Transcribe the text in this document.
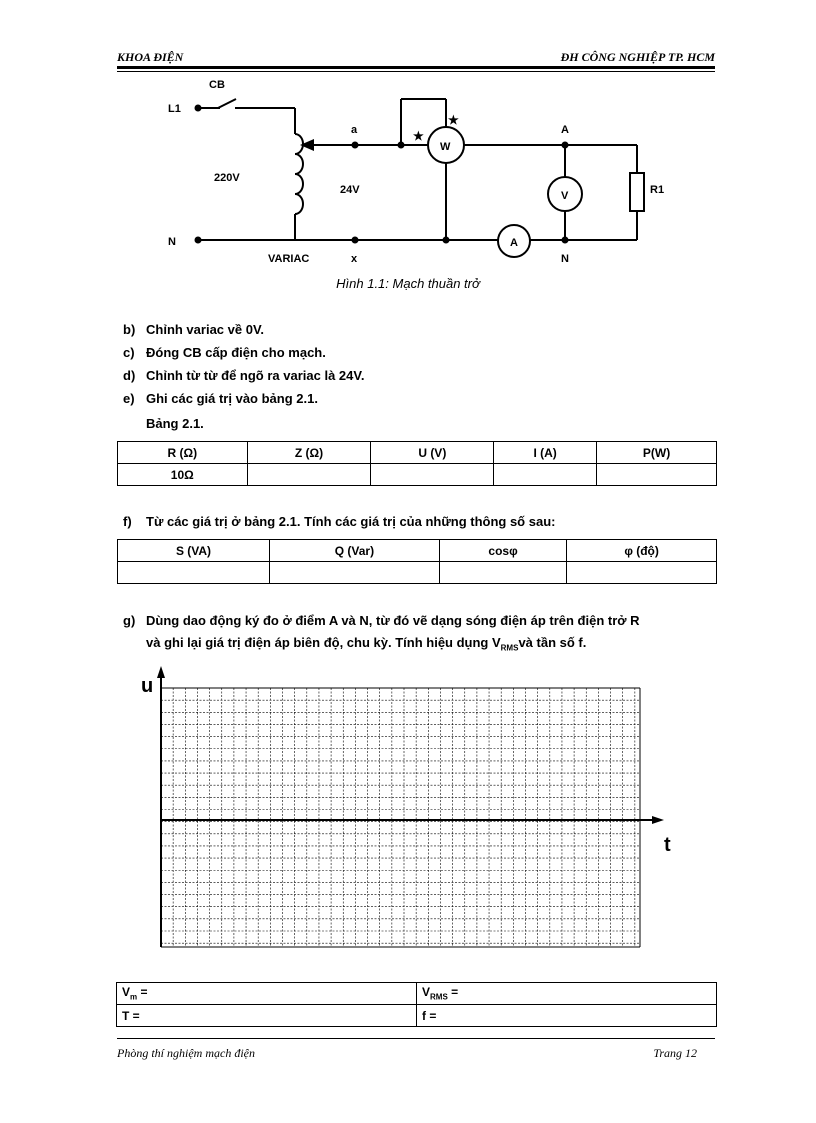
KHOA ĐIỆN	ĐH CÔNG NGHIỆP TP. HCM
CB
L1
N
220V
24V
VARIAC
a
x
A
N
R1
W
V
A
★
★
Hình 1.1: Mạch thuần trở
b) Chỉnh variac về 0V.
c) Đóng CB cấp điện cho mạch.
d) Chỉnh từ từ để ngõ ra variac là 24V.
e) Ghi các giá trị vào bảng 2.1.
Bảng 2.1.
R (Ω)	Z (Ω)	U (V)	I (A)	P(W)
10Ω				
f)	Từ các giá trị ở bảng 2.1. Tính các giá trị của những thông số sau:
S (VA)	Q (Var)	cosφ	φ (độ)

g) Dùng dao động ký đo ở điểm A và N, từ đó vẽ dạng sóng điện áp trên điện trở R
và ghi lại giá trị điện áp biên độ, chu kỳ. Tính hiệu dụng $V_{RMS}và$ tần số f.
u
t
$V_m$ =	$V_{RMS}$ =
T =	f =
Phòng thí nghiệm mạch điện	Trang 12
